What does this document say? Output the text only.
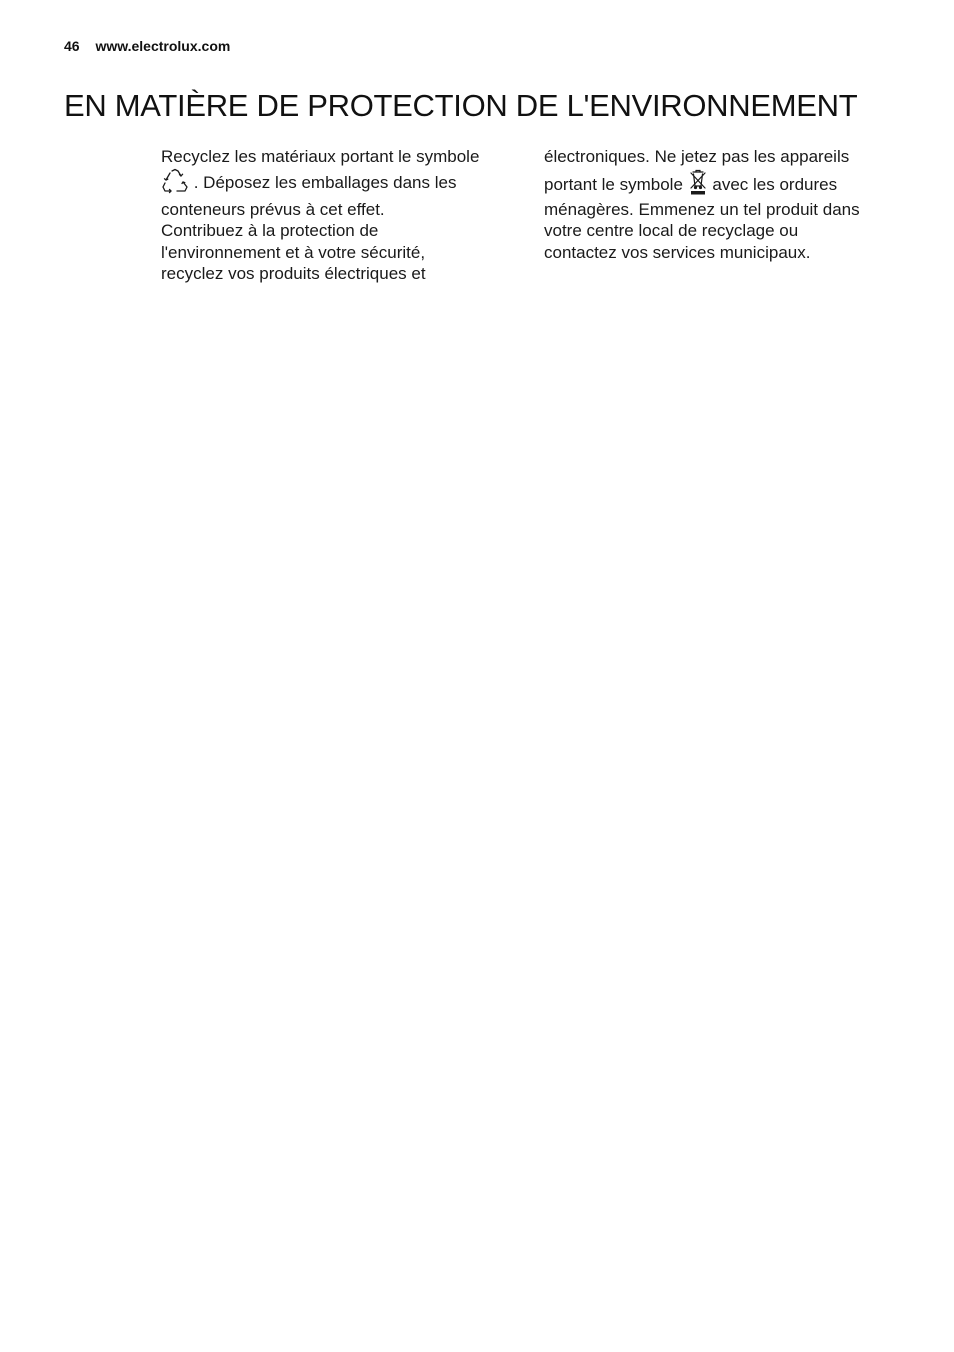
46 www.electrolux.com
EN MATIÈRE DE PROTECTION DE L'ENVIRONNEMENT
Recyclez les matériaux portant le symbole
. Déposez les emballages dans les
conteneurs prévus à cet effet.
Contribuez à la protection de
l'environnement et à votre sécurité,
recyclez vos produits électriques et
électroniques. Ne jetez pas les appareils
portant le symbole avec les ordures
ménagères. Emmenez un tel produit dans
votre centre local de recyclage ou
contactez vos services municipaux.
